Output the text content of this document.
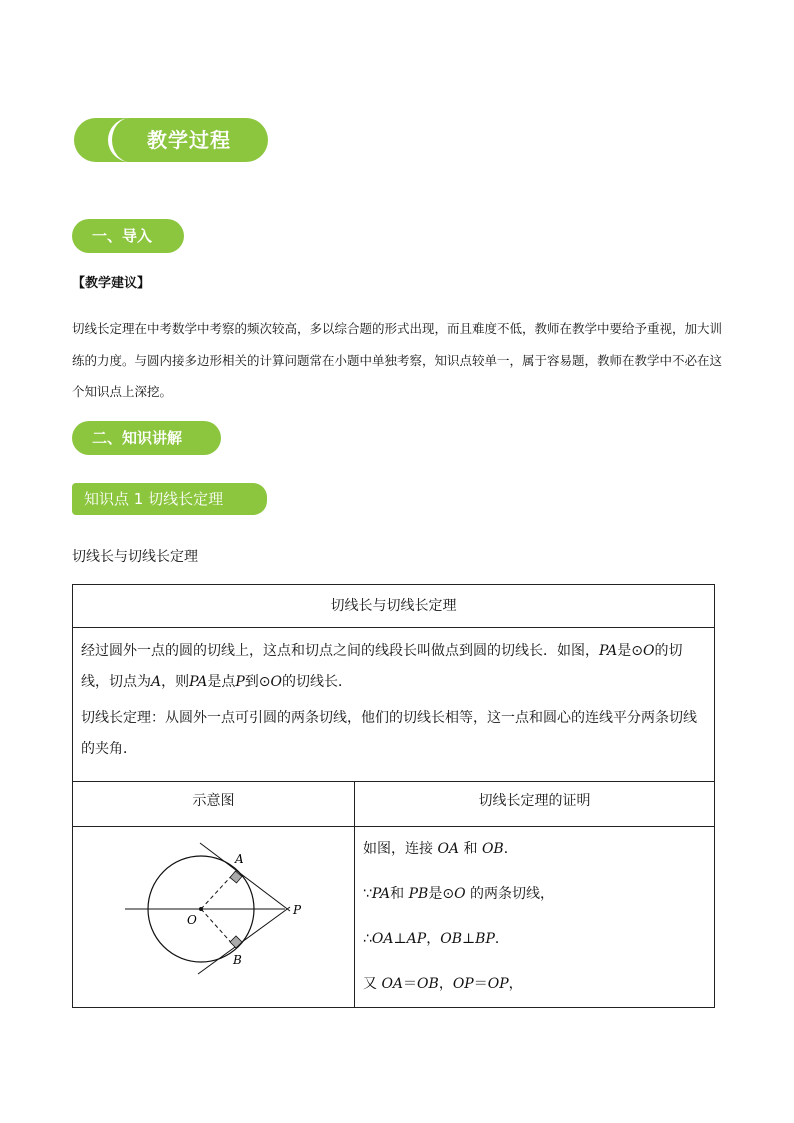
教学过程
一、导入
【教学建议】
切线长定理在中考数学中考察的频次较高，多以综合题的形式出现，而且难度不低，教师在教学中要给予重视，加大训练的力度。与圆内接多边形相关的计算问题常在小题中单独考察，知识点较单一，属于容易题，教师在教学中不必在这个知识点上深挖。
二、知识讲解
知识点 1 切线长定理
切线长与切线长定理
切线长与切线长定理

经过圆外一点的圆的切线上，这点和切点之间的线段长叫做点到圆的切线长．如图，PA是⊙O的切线，切点为A，则PA是点P到⊙O的切线长．

切线长定理：从圆外一点可引圆的两条切线，他们的切线长相等，这一点和圆心的连线平分两条切线的夹角．

示意图	切线长定理的证明
A
B
O
P
如图，连接 OA 和 OB．
∵PA和 PB是⊙O 的两条切线，
∴OA⊥AP，OB⊥BP．
又 OA＝OB，OP＝OP，
